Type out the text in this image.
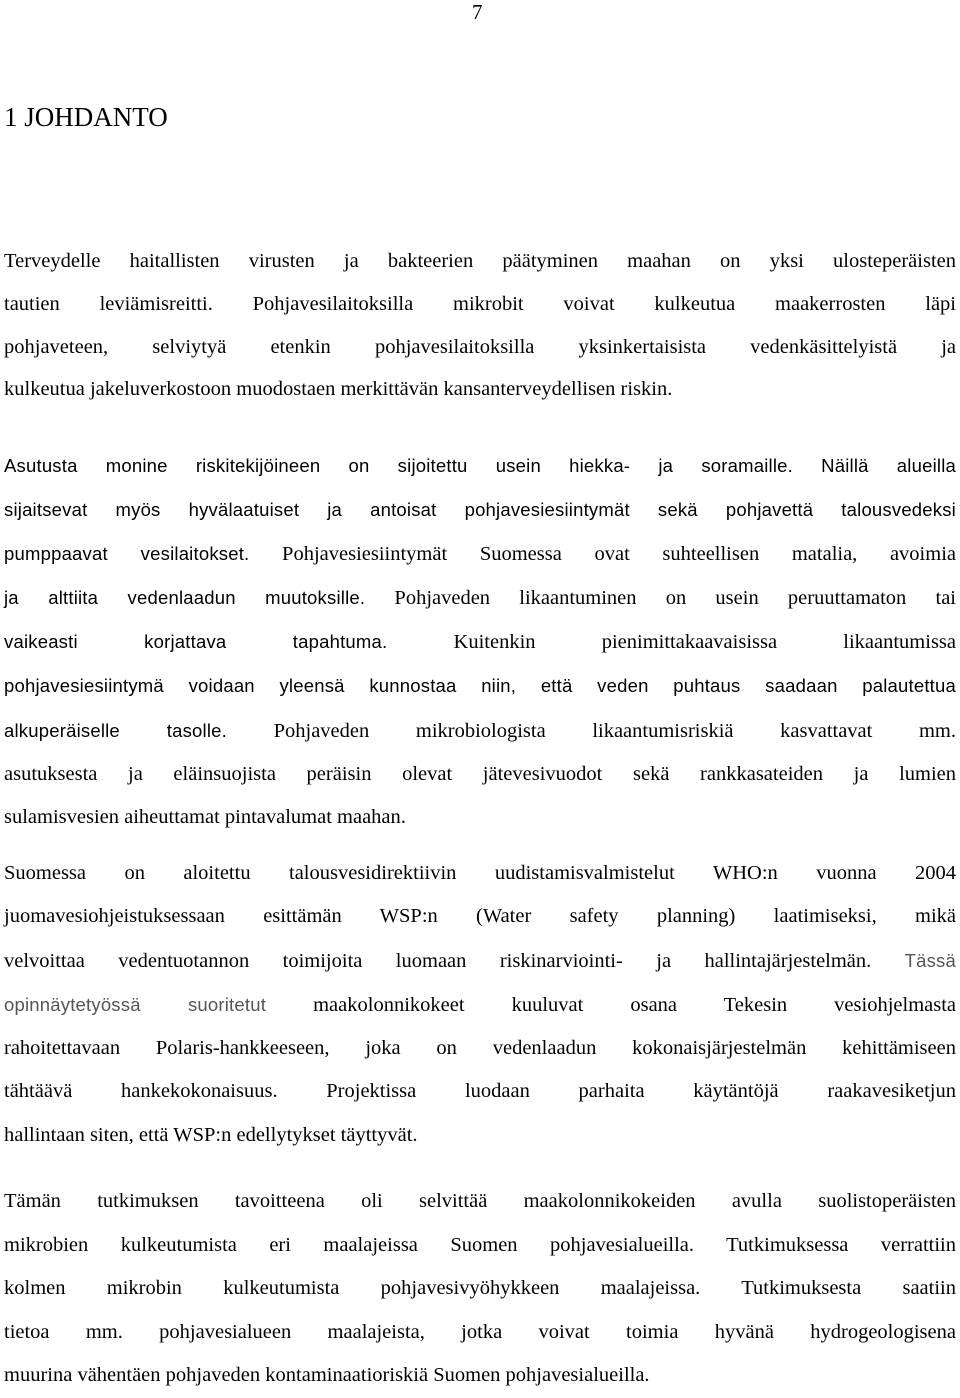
7
1 JOHDANTO

Terveydelle haitallisten virusten ja bakteerien päätyminen maahan on yksi ulosteperäisten
tautien leviämisreitti. Pohjavesilaitoksilla mikrobit voivat kulkeutua maakerrosten läpi
pohjaveteen, selviytyä etenkin pohjavesilaitoksilla yksinkertaisista vedenkäsittelyistä ja
kulkeutua jakeluverkostoon muodostaen merkittävän kansanterveydellisen riskin.

Asutusta monine riskitekijöineen on sijoitettu usein hiekka- ja soramaille. Näillä alueilla
sijaitsevat myös hyvälaatuiset ja antoisat pohjavesiesiintymät sekä pohjavettä talousvedeksi
pumppaavat vesilaitokset. Pohjavesiesiintymät Suomessa ovat suhteellisen matalia, avoimia
ja alttiita vedenlaadun muutoksille. Pohjaveden likaantuminen on usein peruuttamaton tai
vaikeasti korjattava tapahtuma. Kuitenkin pienimittakaavaisissa likaantumissa
pohjavesiesiintymä voidaan yleensä kunnostaa niin, että veden puhtaus saadaan palautettua
alkuperäiselle tasolle. Pohjaveden mikrobiologista likaantumisriskiä kasvattavat mm.
asutuksesta ja eläinsuojista peräisin olevat jätevesivuodot sekä rankkasateiden ja lumien
sulamisvesien aiheuttamat pintavalumat maahan.

Suomessa on aloitettu talousvesidirektiivin uudistamisvalmistelut WHO:n vuonna 2004
juomavesiohjeistuksessaan esittämän WSP:n (Water safety planning) laatimiseksi, mikä
velvoittaa vedentuotannon toimijoita luomaan riskinarviointi- ja hallintajärjestelmän. Tässä
opinnäytetyössä suoritetut maakolonnikokeet kuuluvat osana Tekesin vesiohjelmasta
rahoitettavaan Polaris-hankkeeseen, joka on vedenlaadun kokonaisjärjestelmän kehittämiseen
tähtäävä hankekokonaisuus. Projektissa luodaan parhaita käytäntöjä raakavesiketjun
hallintaan siten, että WSP:n edellytykset täyttyvät.

Tämän tutkimuksen tavoitteena oli selvittää maakolonnikokeiden avulla suolistoperäisten
mikrobien kulkeutumista eri maalajeissa Suomen pohjavesialueilla. Tutkimuksessa verrattiin
kolmen mikrobin kulkeutumista pohjavesivyöhykkeen maalajeissa. Tutkimuksesta saatiin
tietoa mm. pohjavesialueen maalajeista, jotka voivat toimia hyvänä hydrogeologisena
muurina vähentäen pohjaveden kontaminaatioriskiä Suomen pohjavesialueilla.
